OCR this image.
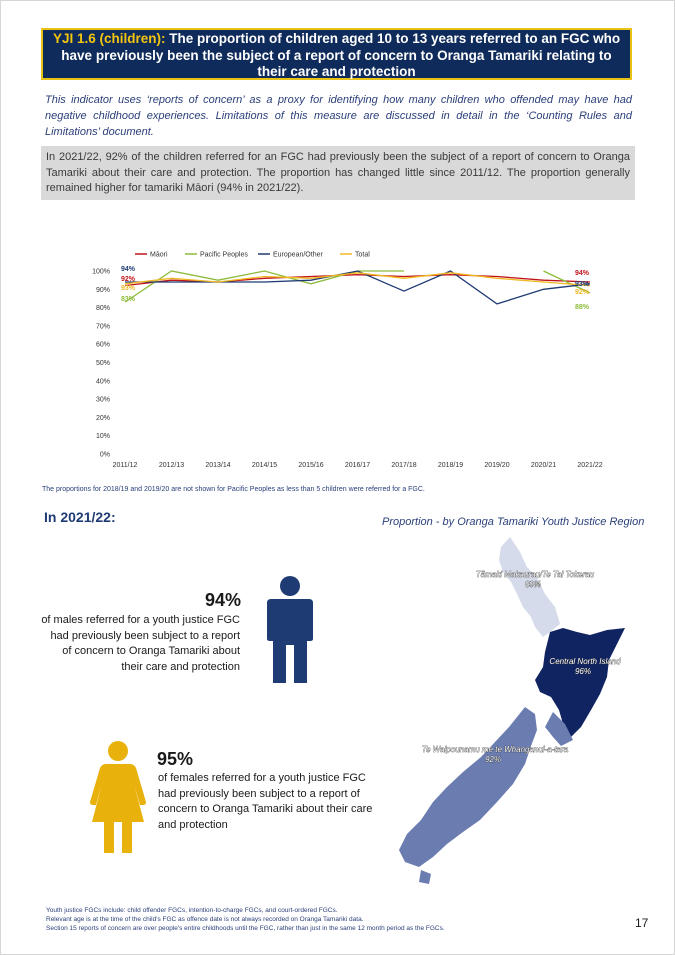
YJI 1.6 (children): The proportion of children aged 10 to 13 years referred to an FGC who have previously been the subject of a report of concern to Oranga Tamariki relating to their care and protection
This indicator uses ‘reports of concern’ as a proxy for identifying how many children who offended may have had negative childhood experiences. Limitations of this measure are discussed in detail in the ‘Counting Rules and Limitations’ document.
In 2021/22, 92% of the children referred for an FGC had previously been the subject of a report of concern to Oranga Tamariki about their care and protection. The proportion has changed little since 2011/12. The proportion generally remained higher for tamariki Māori (94% in 2021/22).
Māori	Pacific Peoples	European/Other	Total
0%
10%
20%
30%
40%
50%
60%
70%
80%
90%
100%
2011/12	2012/13	2013/14	2014/15	2015/16	2016/17	2017/18	2018/19	2019/20	2020/21	2021/22
94%
92%
93%
83%
94%
93%
92%
88%
The proportions for 2018/19 and 2019/20 are not shown for Pacific Peoples as less than 5 children were referred for a FGC.
In 2021/22:	Proportion - by Oranga Tamariki Youth Justice Region
94%
of males referred for a youth justice FGC had previously been subject to a report of concern to Oranga Tamariki about their care and protection
95%
of females referred for a youth justice FGC had previously been subject to a report of concern to Oranga Tamariki about their care and protection
Tāmaki Makaurau/Te Tai Tokerau
89%
Central North Island
96%
Te Waipounamu me te Whanganui-a-tara
92%
Youth justice FGCs include: child offender FGCs, intention-to-charge FGCs, and court-ordered FGCs.
Relevant age is at the time of the child's FGC as offence date is not always recorded on Oranga Tamariki data.
Section 15 reports of concern are over people's entire childhoods until the FGC, rather than just in the same 12 month period as the FGCs.	17
